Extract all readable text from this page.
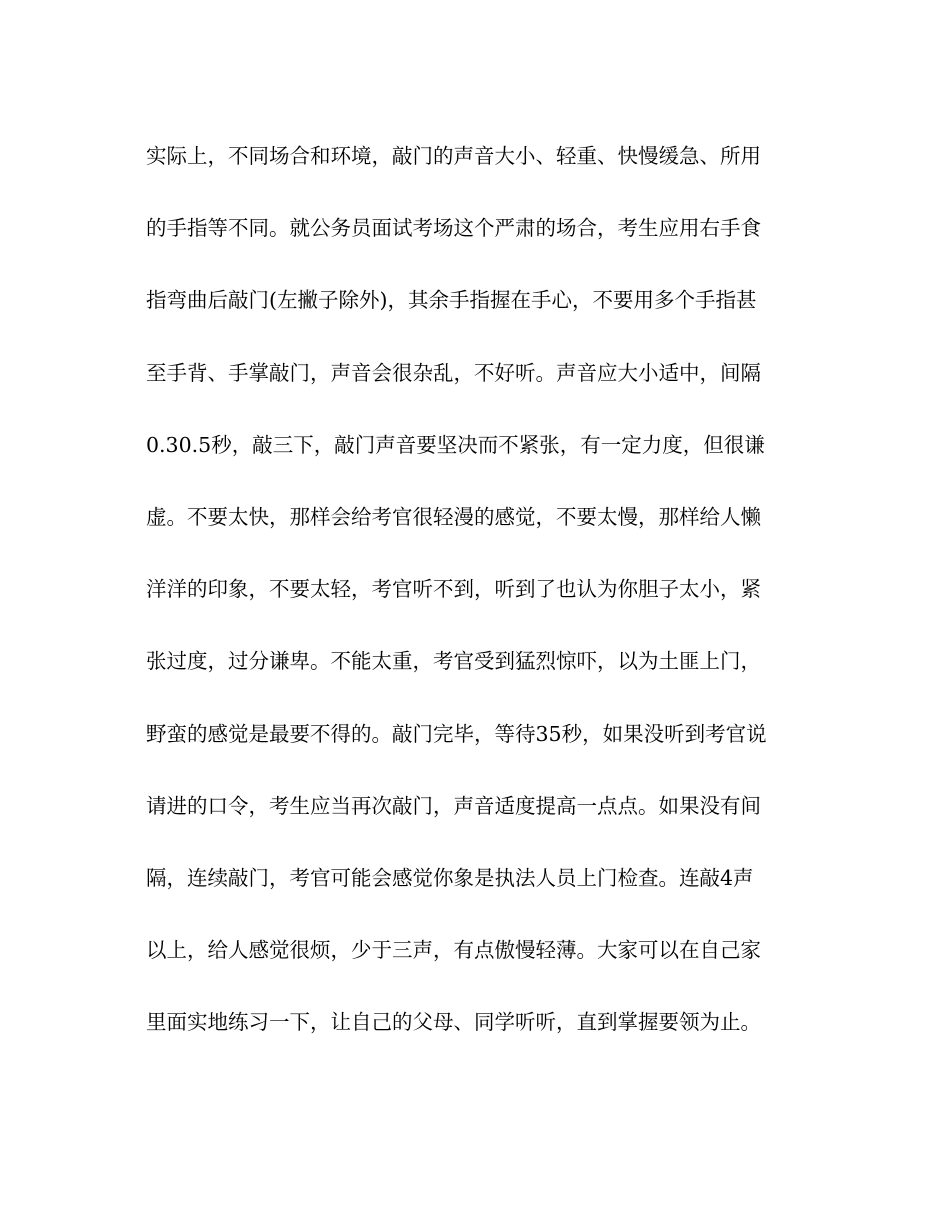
实际上，不同场合和环境，敲门的声音大小、轻重、快慢缓急、所用
的手指等不同。就公务员面试考场这个严肃的场合，考生应用右手食
指弯曲后敲门(左撇子除外)，其余手指握在手心，不要用多个手指甚
至手背、手掌敲门，声音会很杂乱，不好听。声音应大小适中，间隔
0.30.5秒，敲三下，敲门声音要坚决而不紧张，有一定力度，但很谦
虚。不要太快，那样会给考官很轻漫的感觉，不要太慢，那样给人懒
洋洋的印象，不要太轻，考官听不到，听到了也认为你胆子太小，紧
张过度，过分谦卑。不能太重，考官受到猛烈惊吓，以为土匪上门，
野蛮的感觉是最要不得的。敲门完毕，等待35秒，如果没听到考官说
请进的口令，考生应当再次敲门，声音适度提高一点点。如果没有间
隔，连续敲门，考官可能会感觉你象是执法人员上门检查。连敲4声
以上，给人感觉很烦，少于三声，有点傲慢轻薄。大家可以在自己家
里面实地练习一下，让自己的父母、同学听听，直到掌握要领为止。
